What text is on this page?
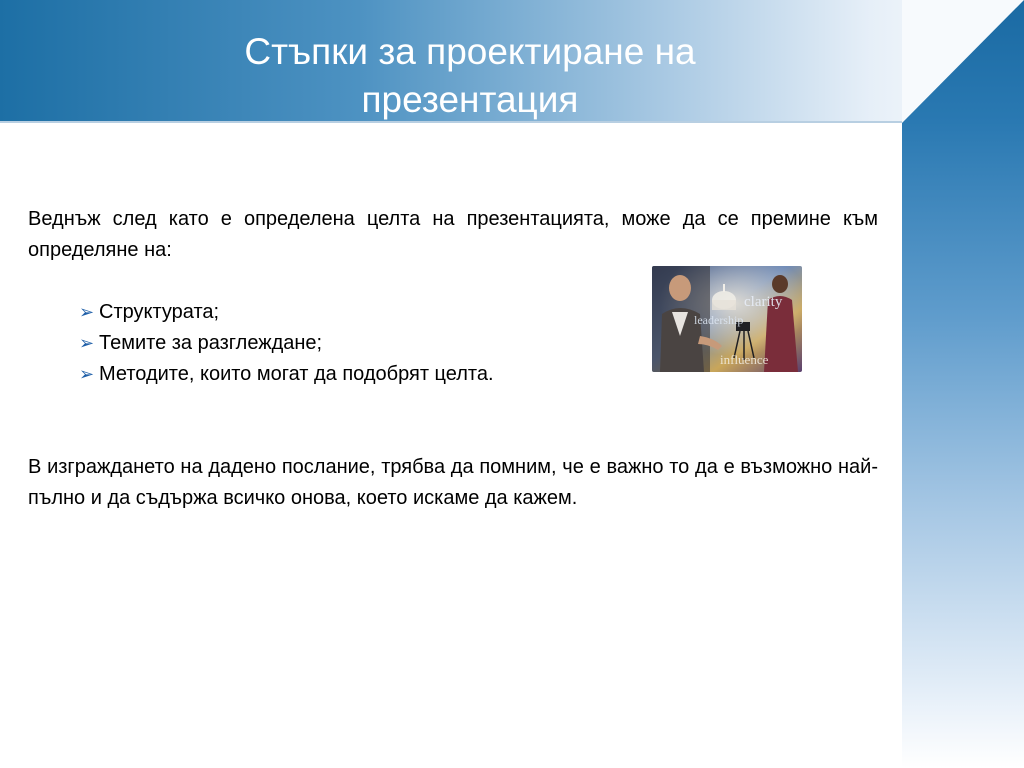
Стъпки за проектиране на презентация

Веднъж след като е определена целта на презентацията, може да се премине към определяне на:

➢ Структурата;
➢ Темите за разглеждане;
➢ Методите, които могат да подобрят целта.

В изграждането на дадено послание, трябва да помним, че е важно то да е възможно най-пълно и да съдържа всичко онова, което искаме да кажем.

clarity
leadership
influence
